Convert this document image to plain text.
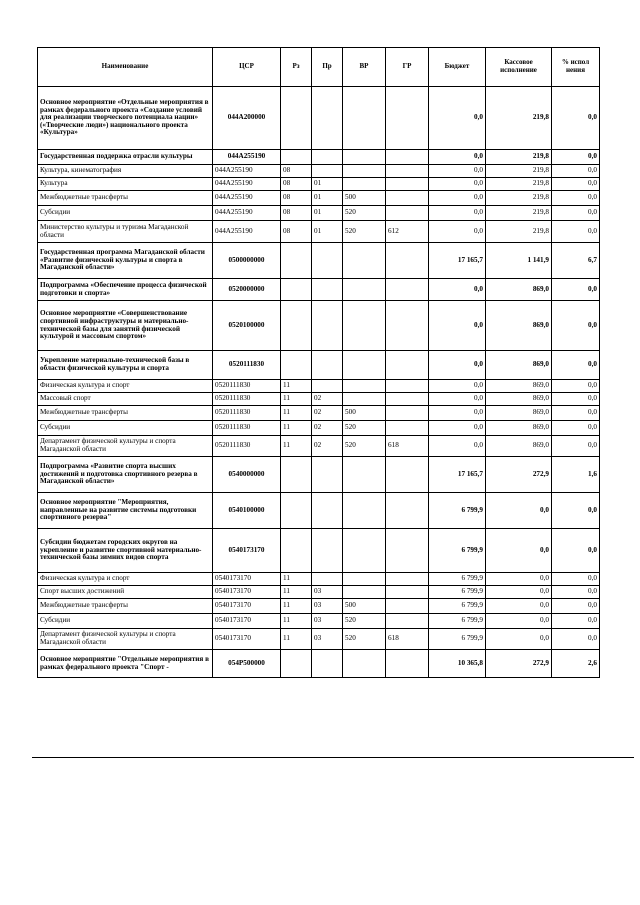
Наименование	ЦСР	Рз	Пр	ВР	ГР	Бюджет	Кассовое исполнение	% испол нения
Основное мероприятие «Отдельные мероприятия в рамках федерального проекта «Создание условий для реализации творческого потенциала нации» («Творческие люди») национального проекта «Культура»	044A200000					0,0	219,8	0,0
Государственная поддержка отрасли культуры	044A255190					0,0	219,8	0,0
Культура, кинематография	044A255190	08				0,0	219,8	0,0
Культура	044A255190	08	01			0,0	219,8	0,0
Межбюджетные трансферты	044A255190	08	01	500		0,0	219,8	0,0
Субсидии	044A255190	08	01	520		0,0	219,8	0,0
Министерство культуры и туризма Магаданской области	044A255190	08	01	520	612	0,0	219,8	0,0
Государственная программа Магаданской области «Развитие физической культуры и спорта в Магаданской области»	0500000000					17 165,7	1 141,9	6,7
Подпрограмма «Обеспечение процесса физической подготовки и спорта»	0520000000					0,0	869,0	0,0
Основное мероприятие «Совершенствование спортивной инфраструктуры и материально-технической базы для занятий физической культурой и массовым спортом»	0520100000					0,0	869,0	0,0
Укрепление материально-технической базы в области физической культуры и спорта	0520111830					0,0	869,0	0,0
Физическая культура и спорт	0520111830	11				0,0	869,0	0,0
Массовый спорт	0520111830	11	02			0,0	869,0	0,0
Межбюджетные трансферты	0520111830	11	02	500		0,0	869,0	0,0
Субсидии	0520111830	11	02	520		0,0	869,0	0,0
Департамент физической культуры и спорта Магаданской области	0520111830	11	02	520	618	0,0	869,0	0,0
Подпрограмма «Развитие спорта высших достижений и подготовка спортивного резерва в Магаданской области»	0540000000					17 165,7	272,9	1,6
Основное мероприятие "Мероприятия, направленные на развитие системы подготовки спортивного резерва"	0540100000					6 799,9	0,0	0,0
Субсидии бюджетам городских округов на укрепление и развитие спортивной материально-технической базы зимних видов спорта	0540173170					6 799,9	0,0	0,0
Физическая культура и спорт	0540173170	11				6 799,9	0,0	0,0
Спорт высших достижений	0540173170	11	03			6 799,9	0,0	0,0
Межбюджетные трансферты	0540173170	11	03	500		6 799,9	0,0	0,0
Субсидии	0540173170	11	03	520		6 799,9	0,0	0,0
Департамент физической культуры и спорта Магаданской области	0540173170	11	03	520	618	6 799,9	0,0	0,0
Основное мероприятие "Отдельные мероприятия в рамках федерального проекта "Спорт -	054P500000					10 365,8	272,9	2,6
